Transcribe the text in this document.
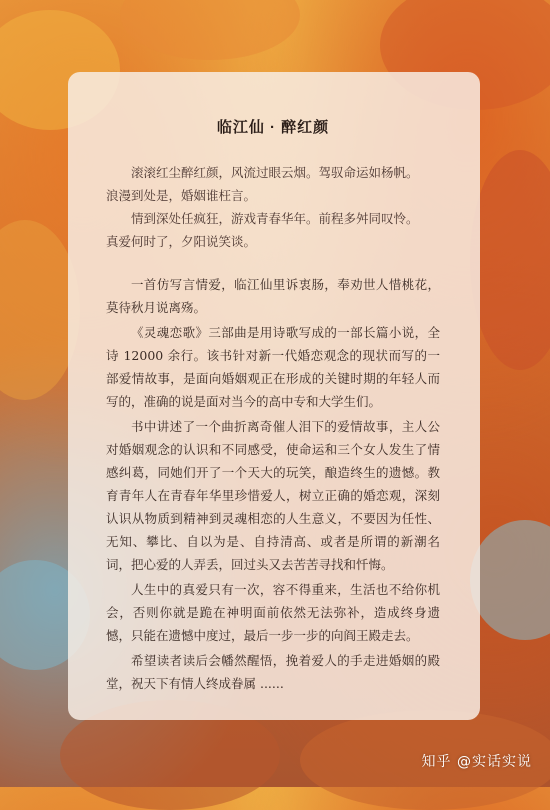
临江仙 · 醉红颜

滚滚红尘醉红颜，风流过眼云烟。驾驭命运如杨帆。

浪漫到处是，婚姻谁枉言。

情到深处任疯狂，游戏青春华年。前程多舛同叹怜。

真爱何时了，夕阳说笑谈。

一首仿写言情爱，临江仙里诉衷肠，奉劝世人惜桃花，莫待秋月说离殇。

《灵魂恋歌》三部曲是用诗歌写成的一部长篇小说，全诗 12000 余行。该书针对新一代婚恋观念的现状而写的一部爱情故事，是面向婚姻观正在形成的关键时期的年轻人而写的，准确的说是面对当今的高中专和大学生们。

书中讲述了一个曲折离奇催人泪下的爱情故事，主人公对婚姻观念的认识和不同感受，使命运和三个女人发生了情感纠葛，同她们开了一个天大的玩笑，酿造终生的遗憾。教育青年人在青春年华里珍惜爱人，树立正确的婚恋观，深刻认识从物质到精神到灵魂相恋的人生意义，不要因为任性、无知、攀比、自以为是、自持清高、或者是所谓的新潮名词，把心爱的人弄丢，回过头又去苦苦寻找和忏悔。

人生中的真爱只有一次，容不得重来，生活也不给你机会，否则你就是跪在神明面前依然无法弥补，造成终身遗憾，只能在遗憾中度过，最后一步一步的向阎王殿走去。

希望读者读后会幡然醒悟，挽着爱人的手走进婚姻的殿堂，祝天下有情人终成眷属 ......

知乎 @实话实说
